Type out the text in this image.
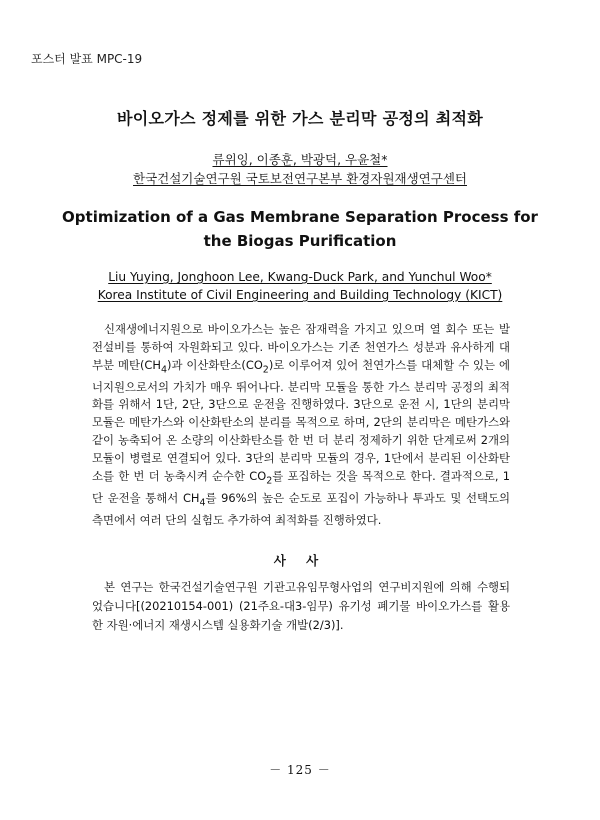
포스터 발표 MPC-19
바이오가스 정제를 위한 가스 분리막 공정의 최적화
류위잉, 이종훈, 박광덕, 우윤철*
한국건설기술연구원 국토보전연구본부 환경자원재생연구센터
Optimization of a Gas Membrane Separation Process for
the Biogas Purification
Liu Yuying, Jonghoon Lee, Kwang-Duck Park, and Yunchul Woo*
Korea Institute of Civil Engineering and Building Technology (KICT)
신재생에너지원으로 바이오가스는 높은 잠재력을 가지고 있으며 열 회수 또는 발전설비를 통하여 자원화되고 있다. 바이오가스는 기존 천연가스 성분과 유사하게 대부분 메탄$(CH_4)$과 이산화탄소$(CO_2)$로 이루어져 있어 천연가스를 대체할 수 있는 에너지원으로서의 가치가 매우 뛰어나다. 분리막 모듈을 통한 가스 분리막 공정의 최적화를 위해서 1단, 2단, 3단으로 운전을 진행하였다. 3단으로 운전 시, 1단의 분리막 모듈은 메탄가스와 이산화탄소의 분리를 목적으로 하며, 2단의 분리막은 메탄가스와 같이 농축되어 온 소량의 이산화탄소를 한 번 더 분리 정제하기 위한 단계로써 2개의 모듈이 병렬로 연결되어 있다. 3단의 분리막 모듈의 경우, 1단에서 분리된 이산화탄소를 한 번 더 농축시켜 순수한 $CO_2$를 포집하는 것을 목적으로 한다. 결과적으로, 1단 운전을 통해서 $CH_4$를 96%의 높은 순도로 포집이 가능하나 투과도 및 선택도의 측면에서 여러 단의 실험도 추가하여 최적화를 진행하였다.
사 사
본 연구는 한국건설기술연구원 기관고유임무형사업의 연구비지원에 의해 수행되었습니다[(20210154-001) (21주요-대3-임무) 유기성 폐기물 바이오가스를 활용한 자원·에너지 재생시스템 실용화기술 개발(2/3)].
－ 125 －
